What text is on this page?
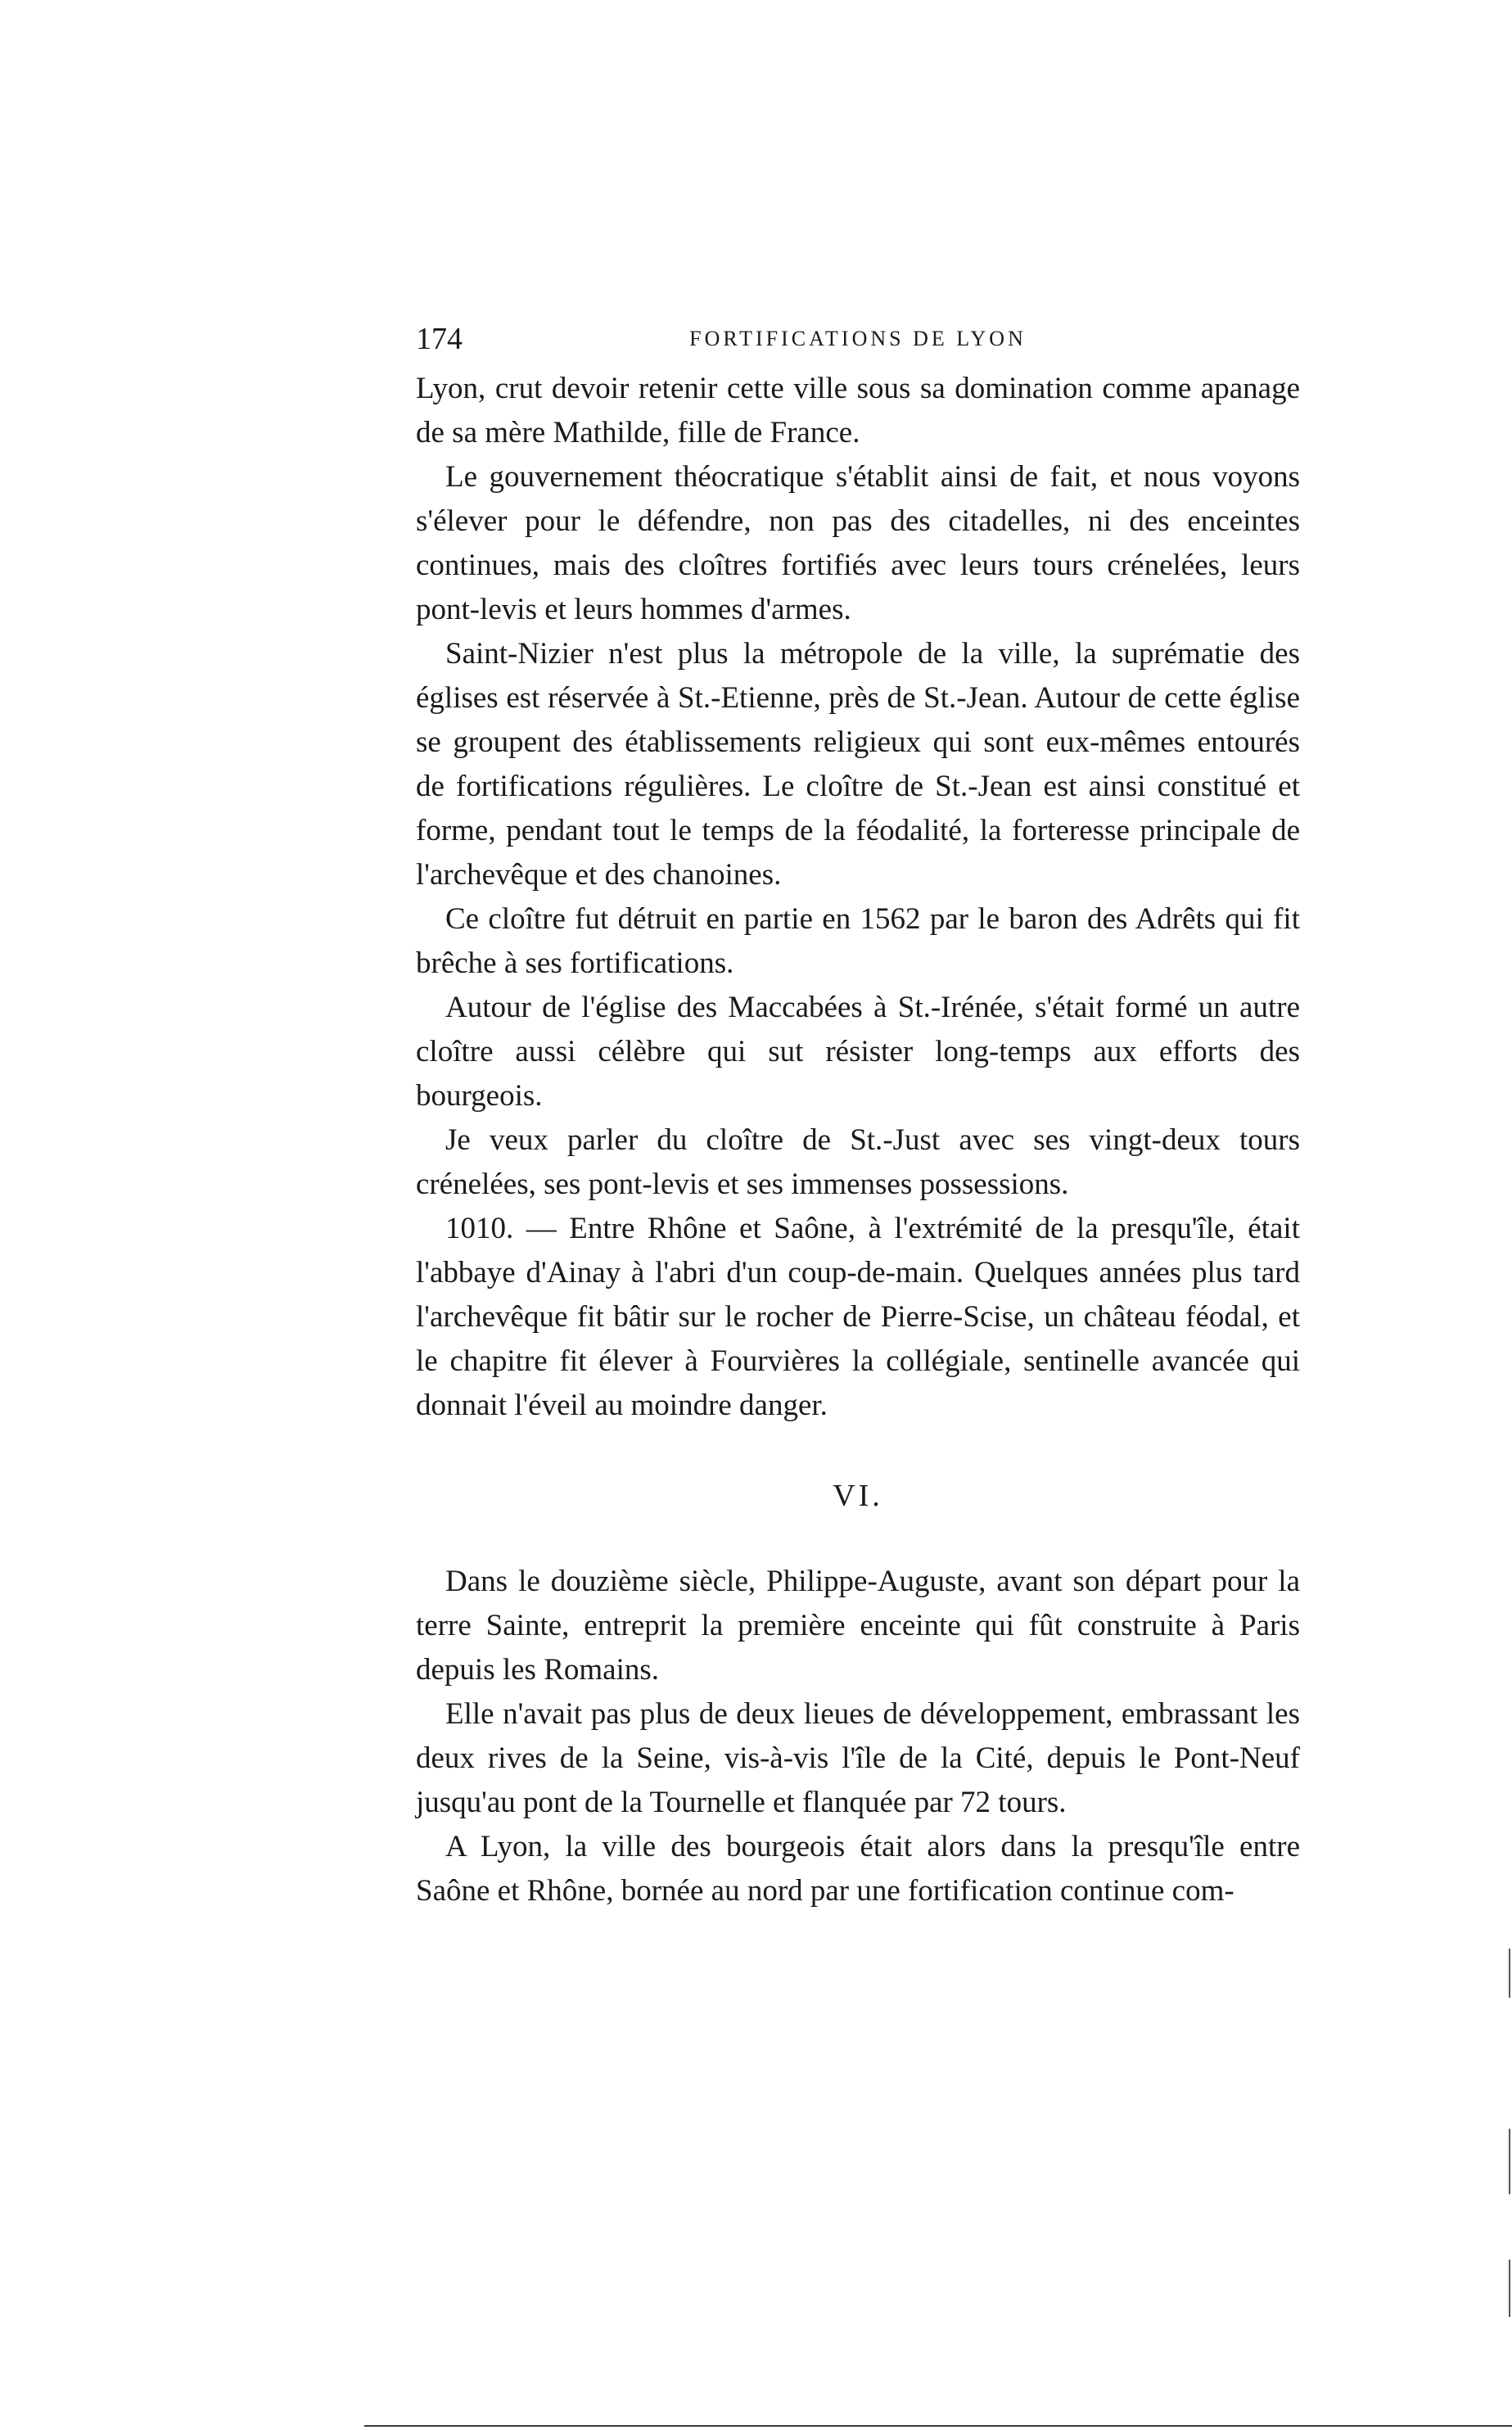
174	FORTIFICATIONS DE LYON

Lyon, crut devoir retenir cette ville sous sa domination comme apanage de sa mère Mathilde, fille de France.

Le gouvernement théocratique s'établit ainsi de fait, et nous voyons s'élever pour le défendre, non pas des citadelles, ni des enceintes continues, mais des cloîtres fortifiés avec leurs tours crénelées, leurs pont-levis et leurs hommes d'armes.

Saint-Nizier n'est plus la métropole de la ville, la suprématie des églises est réservée à St.-Etienne, près de St.-Jean. Autour de cette église se groupent des établissements religieux qui sont eux-mêmes entourés de fortifications régulières. Le cloître de St.-Jean est ainsi constitué et forme, pendant tout le temps de la féodalité, la forteresse principale de l'archevêque et des chanoines.

Ce cloître fut détruit en partie en 1562 par le baron des Adrêts qui fit brêche à ses fortifications.

Autour de l'église des Maccabées à St.-Irénée, s'était formé un autre cloître aussi célèbre qui sut résister long-temps aux efforts des bourgeois.

Je veux parler du cloître de St.-Just avec ses vingt-deux tours crénelées, ses pont-levis et ses immenses possessions.

1010. — Entre Rhône et Saône, à l'extrémité de la presqu'île, était l'abbaye d'Ainay à l'abri d'un coup-de-main. Quelques années plus tard l'archevêque fit bâtir sur le rocher de Pierre-Scise, un château féodal, et le chapitre fit élever à Fourvières la collégiale, sentinelle avancée qui donnait l'éveil au moindre danger.

VI.

Dans le douzième siècle, Philippe-Auguste, avant son départ pour la terre Sainte, entreprit la première enceinte qui fût construite à Paris depuis les Romains.

Elle n'avait pas plus de deux lieues de développement, embrassant les deux rives de la Seine, vis-à-vis l'île de la Cité, depuis le Pont-Neuf jusqu'au pont de la Tournelle et flanquée par 72 tours.

A Lyon, la ville des bourgeois était alors dans la presqu'île entre Saône et Rhône, bornée au nord par une fortification continue com-
